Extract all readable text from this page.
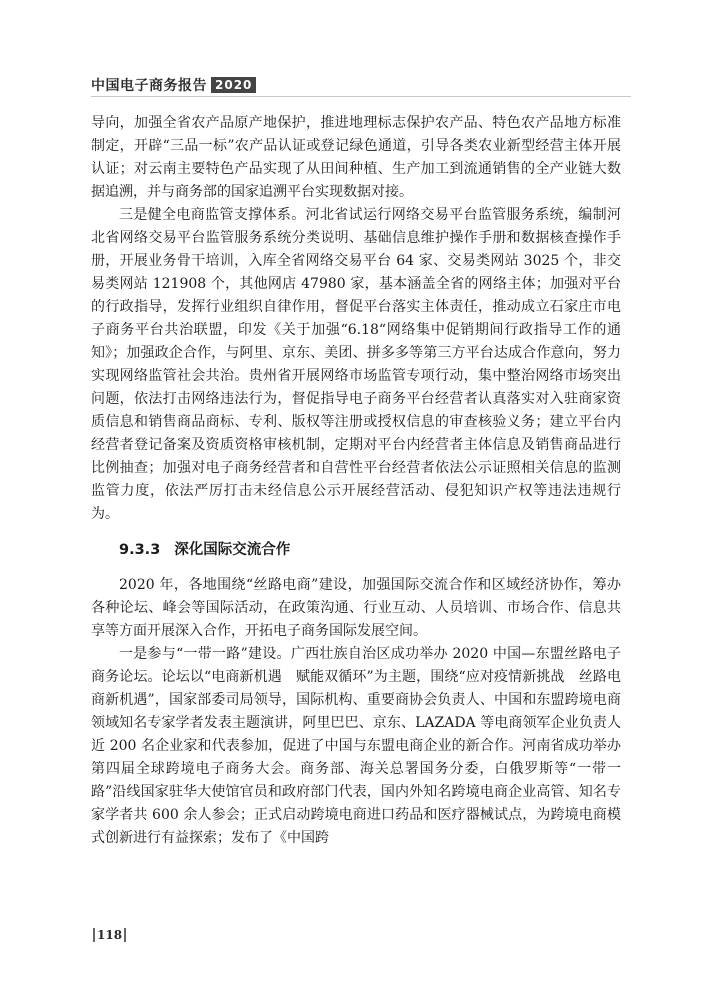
中国电子商务报告 2020

导向，加强全省农产品原产地保护，推进地理标志保护农产品、特色农产品地方标准制定，开辟“三品一标”农产品认证或登记绿色通道，引导各类农业新型经营主体开展认证；对云南主要特色产品实现了从田间种植、生产加工到流通销售的全产业链大数据追溯，并与商务部的国家追溯平台实现数据对接。

三是健全电商监管支撑体系。河北省试运行网络交易平台监管服务系统，编制河北省网络交易平台监管服务系统分类说明、基础信息维护操作手册和数据核查操作手册，开展业务骨干培训，入库全省网络交易平台 64 家、交易类网站 3025 个，非交易类网站 121908 个，其他网店 47980 家，基本涵盖全省的网络主体；加强对平台的行政指导，发挥行业组织自律作用，督促平台落实主体责任，推动成立石家庄市电子商务平台共治联盟，印发《关于加强“6.18“网络集中促销期间行政指导工作的通知》；加强政企合作，与阿里、京东、美团、拼多多等第三方平台达成合作意向，努力实现网络监管社会共治。贵州省开展网络市场监管专项行动，集中整治网络市场突出问题，依法打击网络违法行为，督促指导电子商务平台经营者认真落实对入驻商家资质信息和销售商品商标、专利、版权等注册或授权信息的审查核验义务；建立平台内经营者登记备案及资质资格审核机制，定期对平台内经营者主体信息及销售商品进行比例抽查；加强对电子商务经营者和自营性平台经营者依法公示证照相关信息的监测监管力度，依法严厉打击未经信息公示开展经营活动、侵犯知识产权等违法违规行为。

9.3.3 深化国际交流合作

2020 年，各地围绕“丝路电商”建设，加强国际交流合作和区域经济协作，筹办各种论坛、峰会等国际活动，在政策沟通、行业互动、人员培训、市场合作、信息共享等方面开展深入合作，开拓电子商务国际发展空间。

一是参与“一带一路”建设。广西壮族自治区成功举办 2020 中国—东盟丝路电子商务论坛。论坛以“电商新机遇　赋能双循环”为主题，围绕“应对疫情新挑战　丝路电商新机遇”，国家部委司局领导，国际机构、重要商协会负责人、中国和东盟跨境电商领域知名专家学者发表主题演讲，阿里巴巴、京东、LAZADA 等电商领军企业负责人近 200 名企业家和代表参加，促进了中国与东盟电商企业的新合作。河南省成功举办第四届全球跨境电子商务大会。商务部、海关总署国务分委，白俄罗斯等“一带一路”沿线国家驻华大使馆官员和政府部门代表，国内外知名跨境电商企业高管、知名专家学者共 600 余人参会；正式启动跨境电商进口药品和医疗器械试点，为跨境电商模式创新进行有益探索；发布了《中国跨

118
